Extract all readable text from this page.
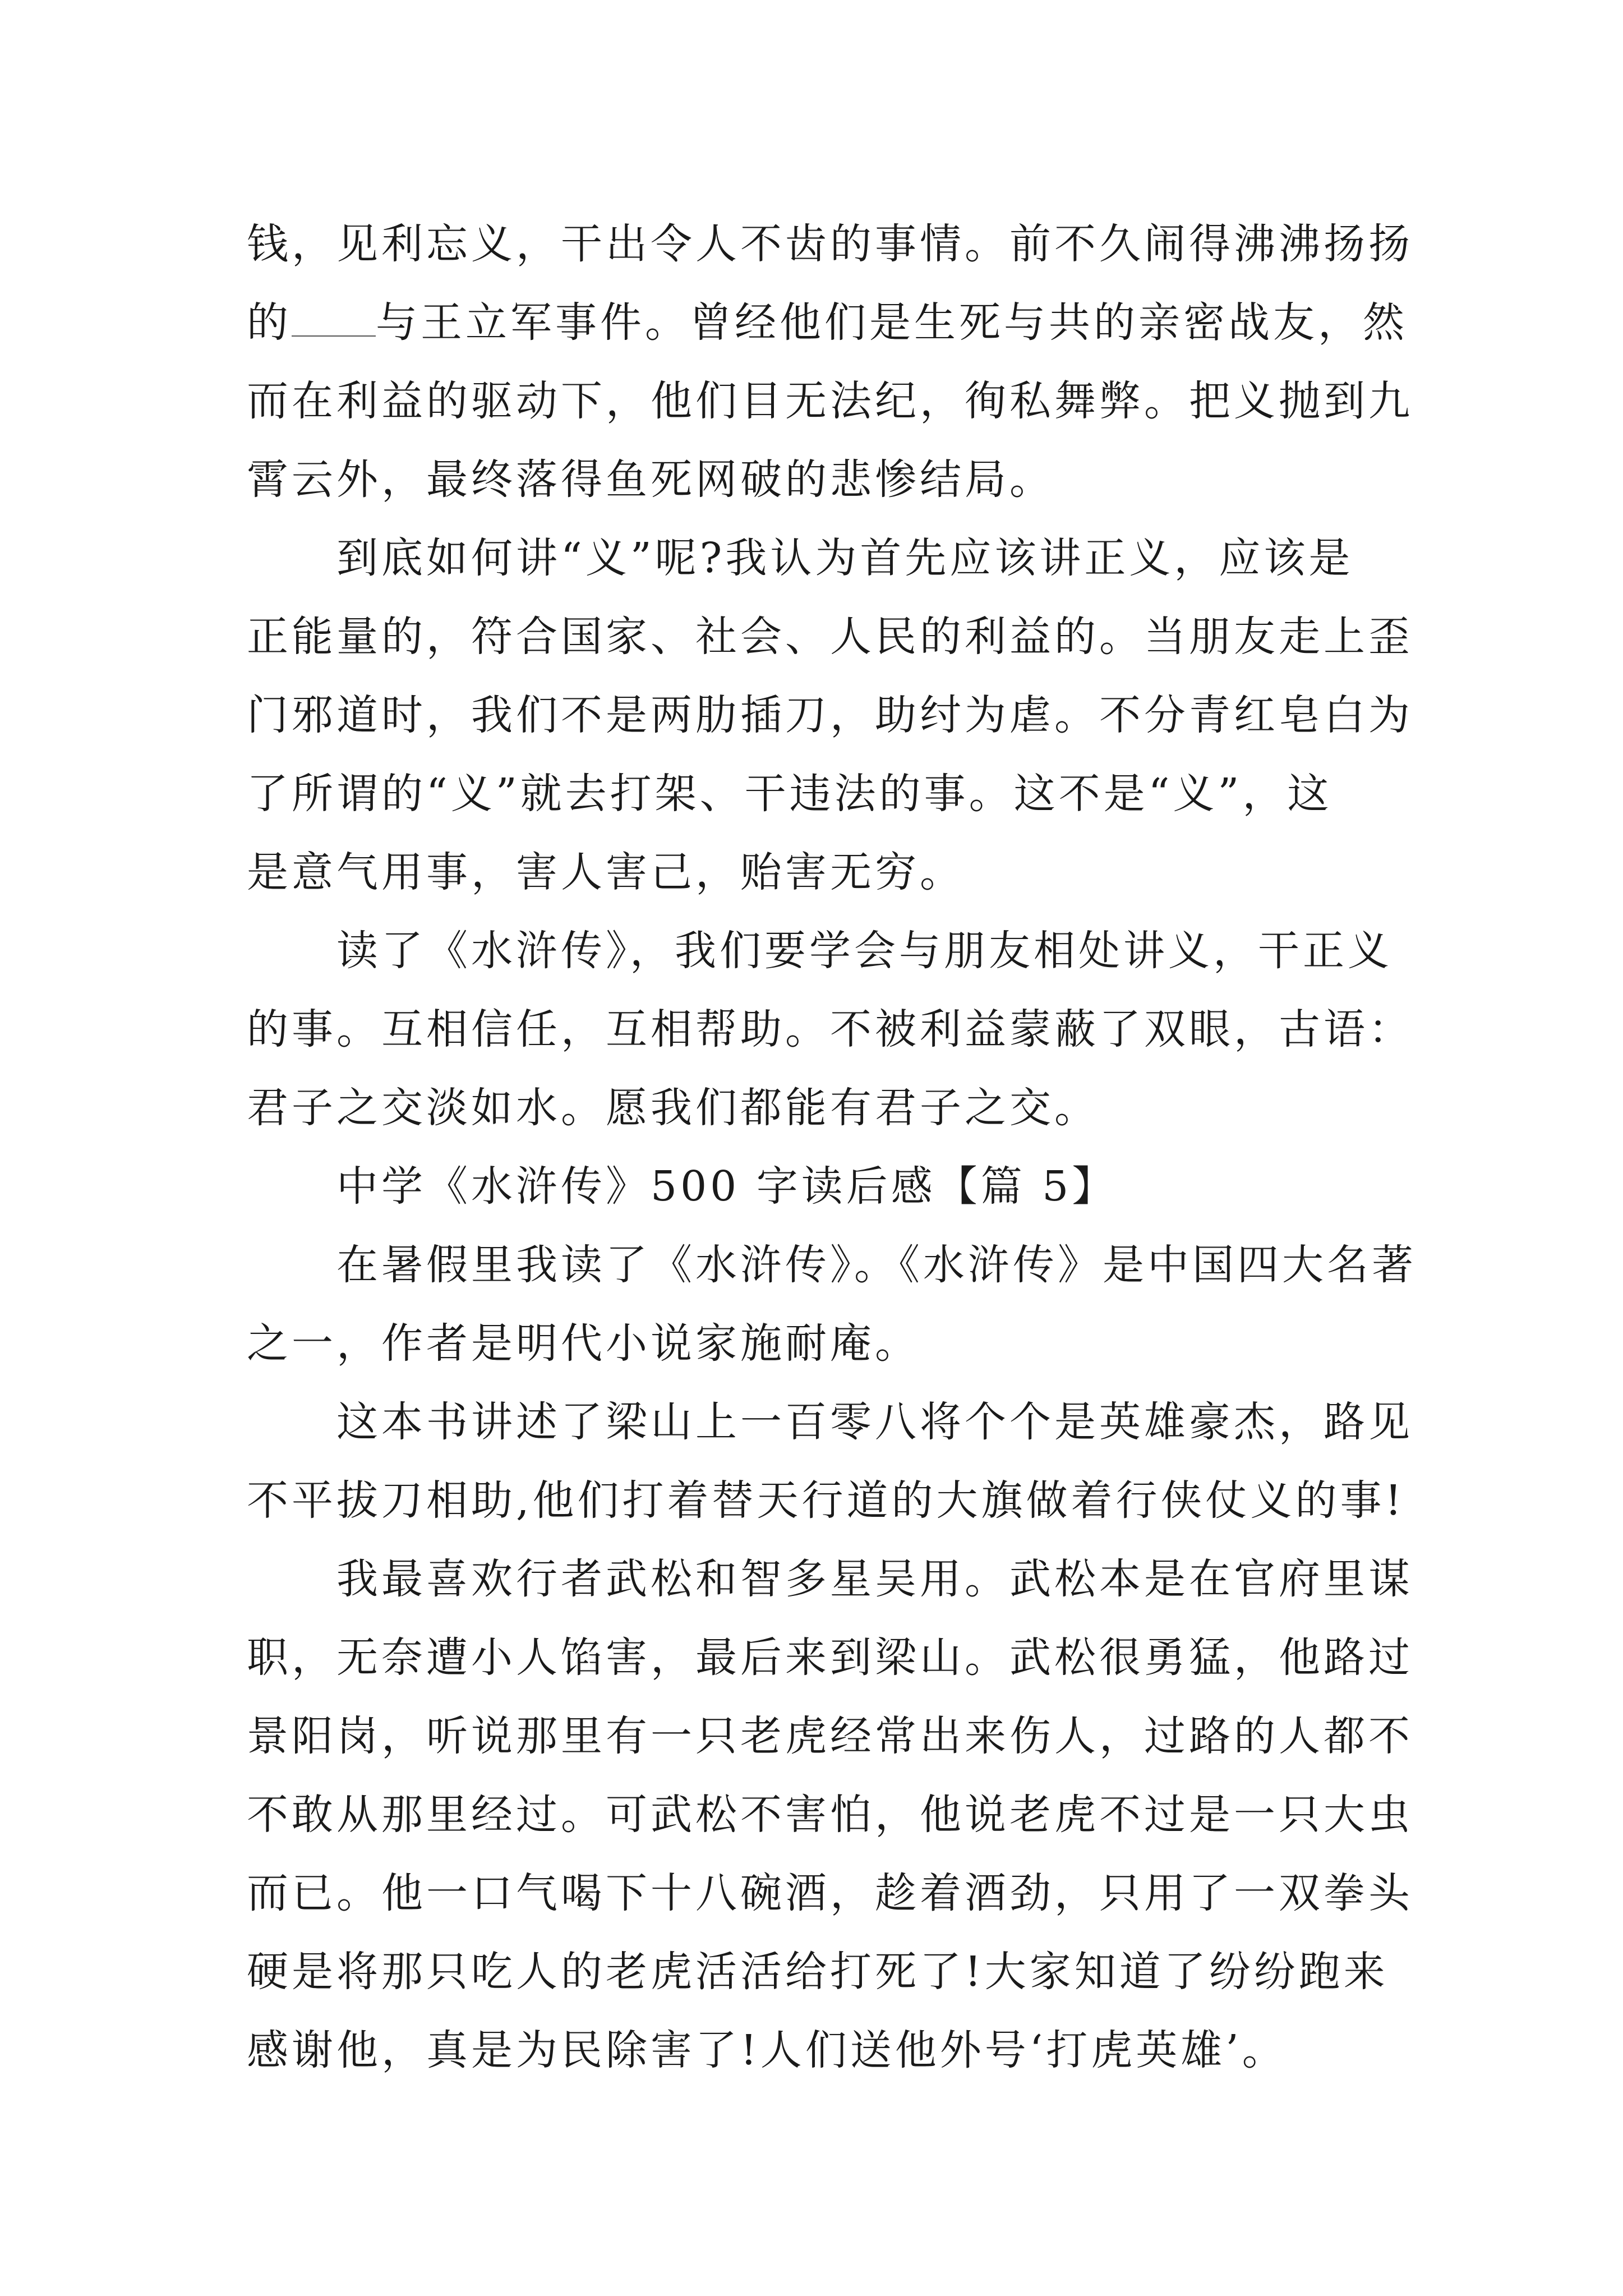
钱，见利忘义，干出令人不齿的事情。前不久闹得沸沸扬扬
的 与王立军事件。曾经他们是生死与共的亲密战友，然
而在利益的驱动下，他们目无法纪，徇私舞弊。把义抛到九
霄云外，最终落得鱼死网破的悲惨结局。
到底如何讲“义”呢?我认为首先应该讲正义，应该是
正能量的，符合国家、社会、人民的利益的。当朋友走上歪
门邪道时，我们不是两肋插刀，助纣为虐。不分青红皂白为
了所谓的“义”就去打架、干违法的事。这不是“义”，这
是意气用事，害人害己，贻害无穷。
读了《水浒传》，我们要学会与朋友相处讲义，干正义
的事。互相信任，互相帮助。不被利益蒙蔽了双眼，古语：
君子之交淡如水。愿我们都能有君子之交。
中学《水浒传》500 字读后感【篇 5】
在暑假里我读了《水浒传》。《水浒传》是中国四大名著
之一，作者是明代小说家施耐庵。
这本书讲述了梁山上一百零八将个个是英雄豪杰，路见
不平拔刀相助,他们打着替天行道的大旗做着行侠仗义的事!
我最喜欢行者武松和智多星吴用。武松本是在官府里谋
职，无奈遭小人馅害，最后来到梁山。武松很勇猛，他路过
景阳岗，听说那里有一只老虎经常出来伤人，过路的人都不
不敢从那里经过。可武松不害怕，他说老虎不过是一只大虫
而已。他一口气喝下十八碗酒，趁着酒劲，只用了一双拳头
硬是将那只吃人的老虎活活给打死了!大家知道了纷纷跑来
感谢他，真是为民除害了!人们送他外号‘打虎英雄’。
